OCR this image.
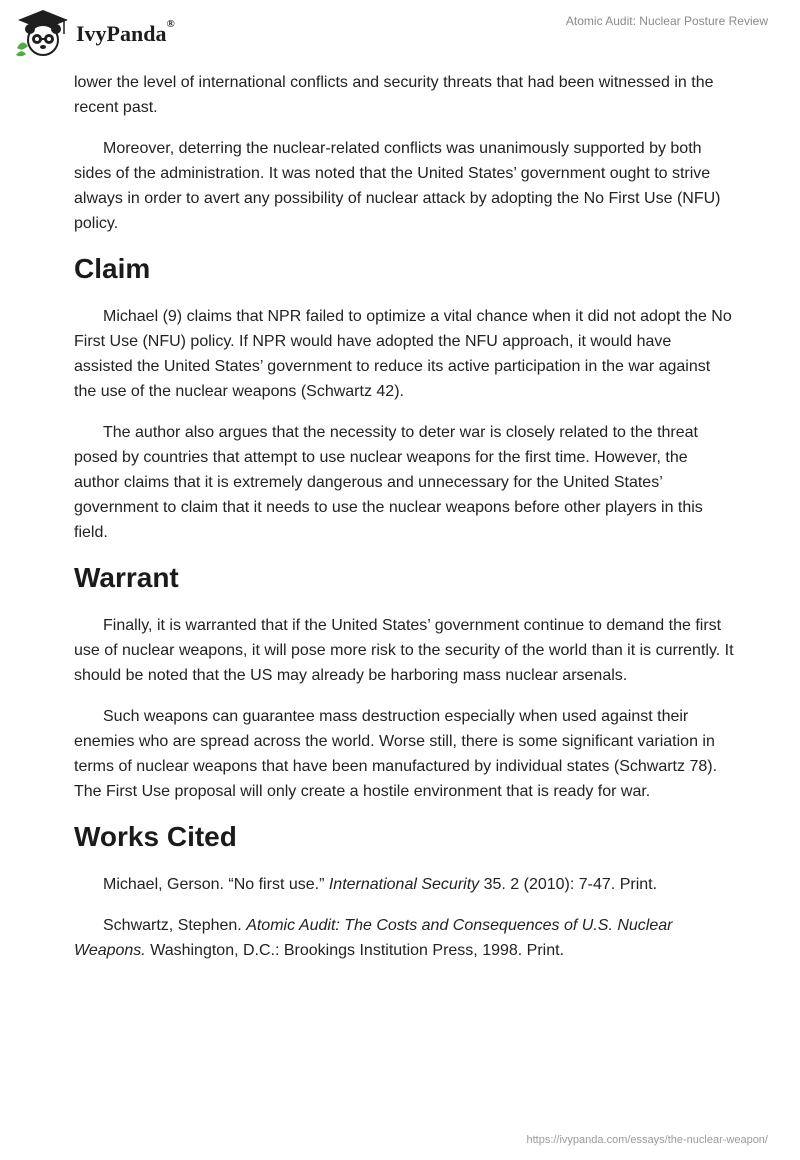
IvyPanda®	Atomic Audit: Nuclear Posture Review

lower the level of international conflicts and security threats that had been witnessed in the recent past.

Moreover, deterring the nuclear-related conflicts was unanimously supported by both sides of the administration. It was noted that the United States’ government ought to strive always in order to avert any possibility of nuclear attack by adopting the No First Use (NFU) policy.

Claim

Michael (9) claims that NPR failed to optimize a vital chance when it did not adopt the No First Use (NFU) policy. If NPR would have adopted the NFU approach, it would have assisted the United States’ government to reduce its active participation in the war against the use of the nuclear weapons (Schwartz 42).

The author also argues that the necessity to deter war is closely related to the threat posed by countries that attempt to use nuclear weapons for the first time. However, the author claims that it is extremely dangerous and unnecessary for the United States’ government to claim that it needs to use the nuclear weapons before other players in this field.

Warrant

Finally, it is warranted that if the United States’ government continue to demand the first use of nuclear weapons, it will pose more risk to the security of the world than it is currently. It should be noted that the US may already be harboring mass nuclear arsenals.

Such weapons can guarantee mass destruction especially when used against their enemies who are spread across the world. Worse still, there is some significant variation in terms of nuclear weapons that have been manufactured by individual states (Schwartz 78). The First Use proposal will only create a hostile environment that is ready for war.

Works Cited

Michael, Gerson. “No first use.” International Security 35. 2 (2010): 7-47. Print.

Schwartz, Stephen. Atomic Audit: The Costs and Consequences of U.S. Nuclear Weapons. Washington, D.C.: Brookings Institution Press, 1998. Print.

https://ivypanda.com/essays/the-nuclear-weapon/
